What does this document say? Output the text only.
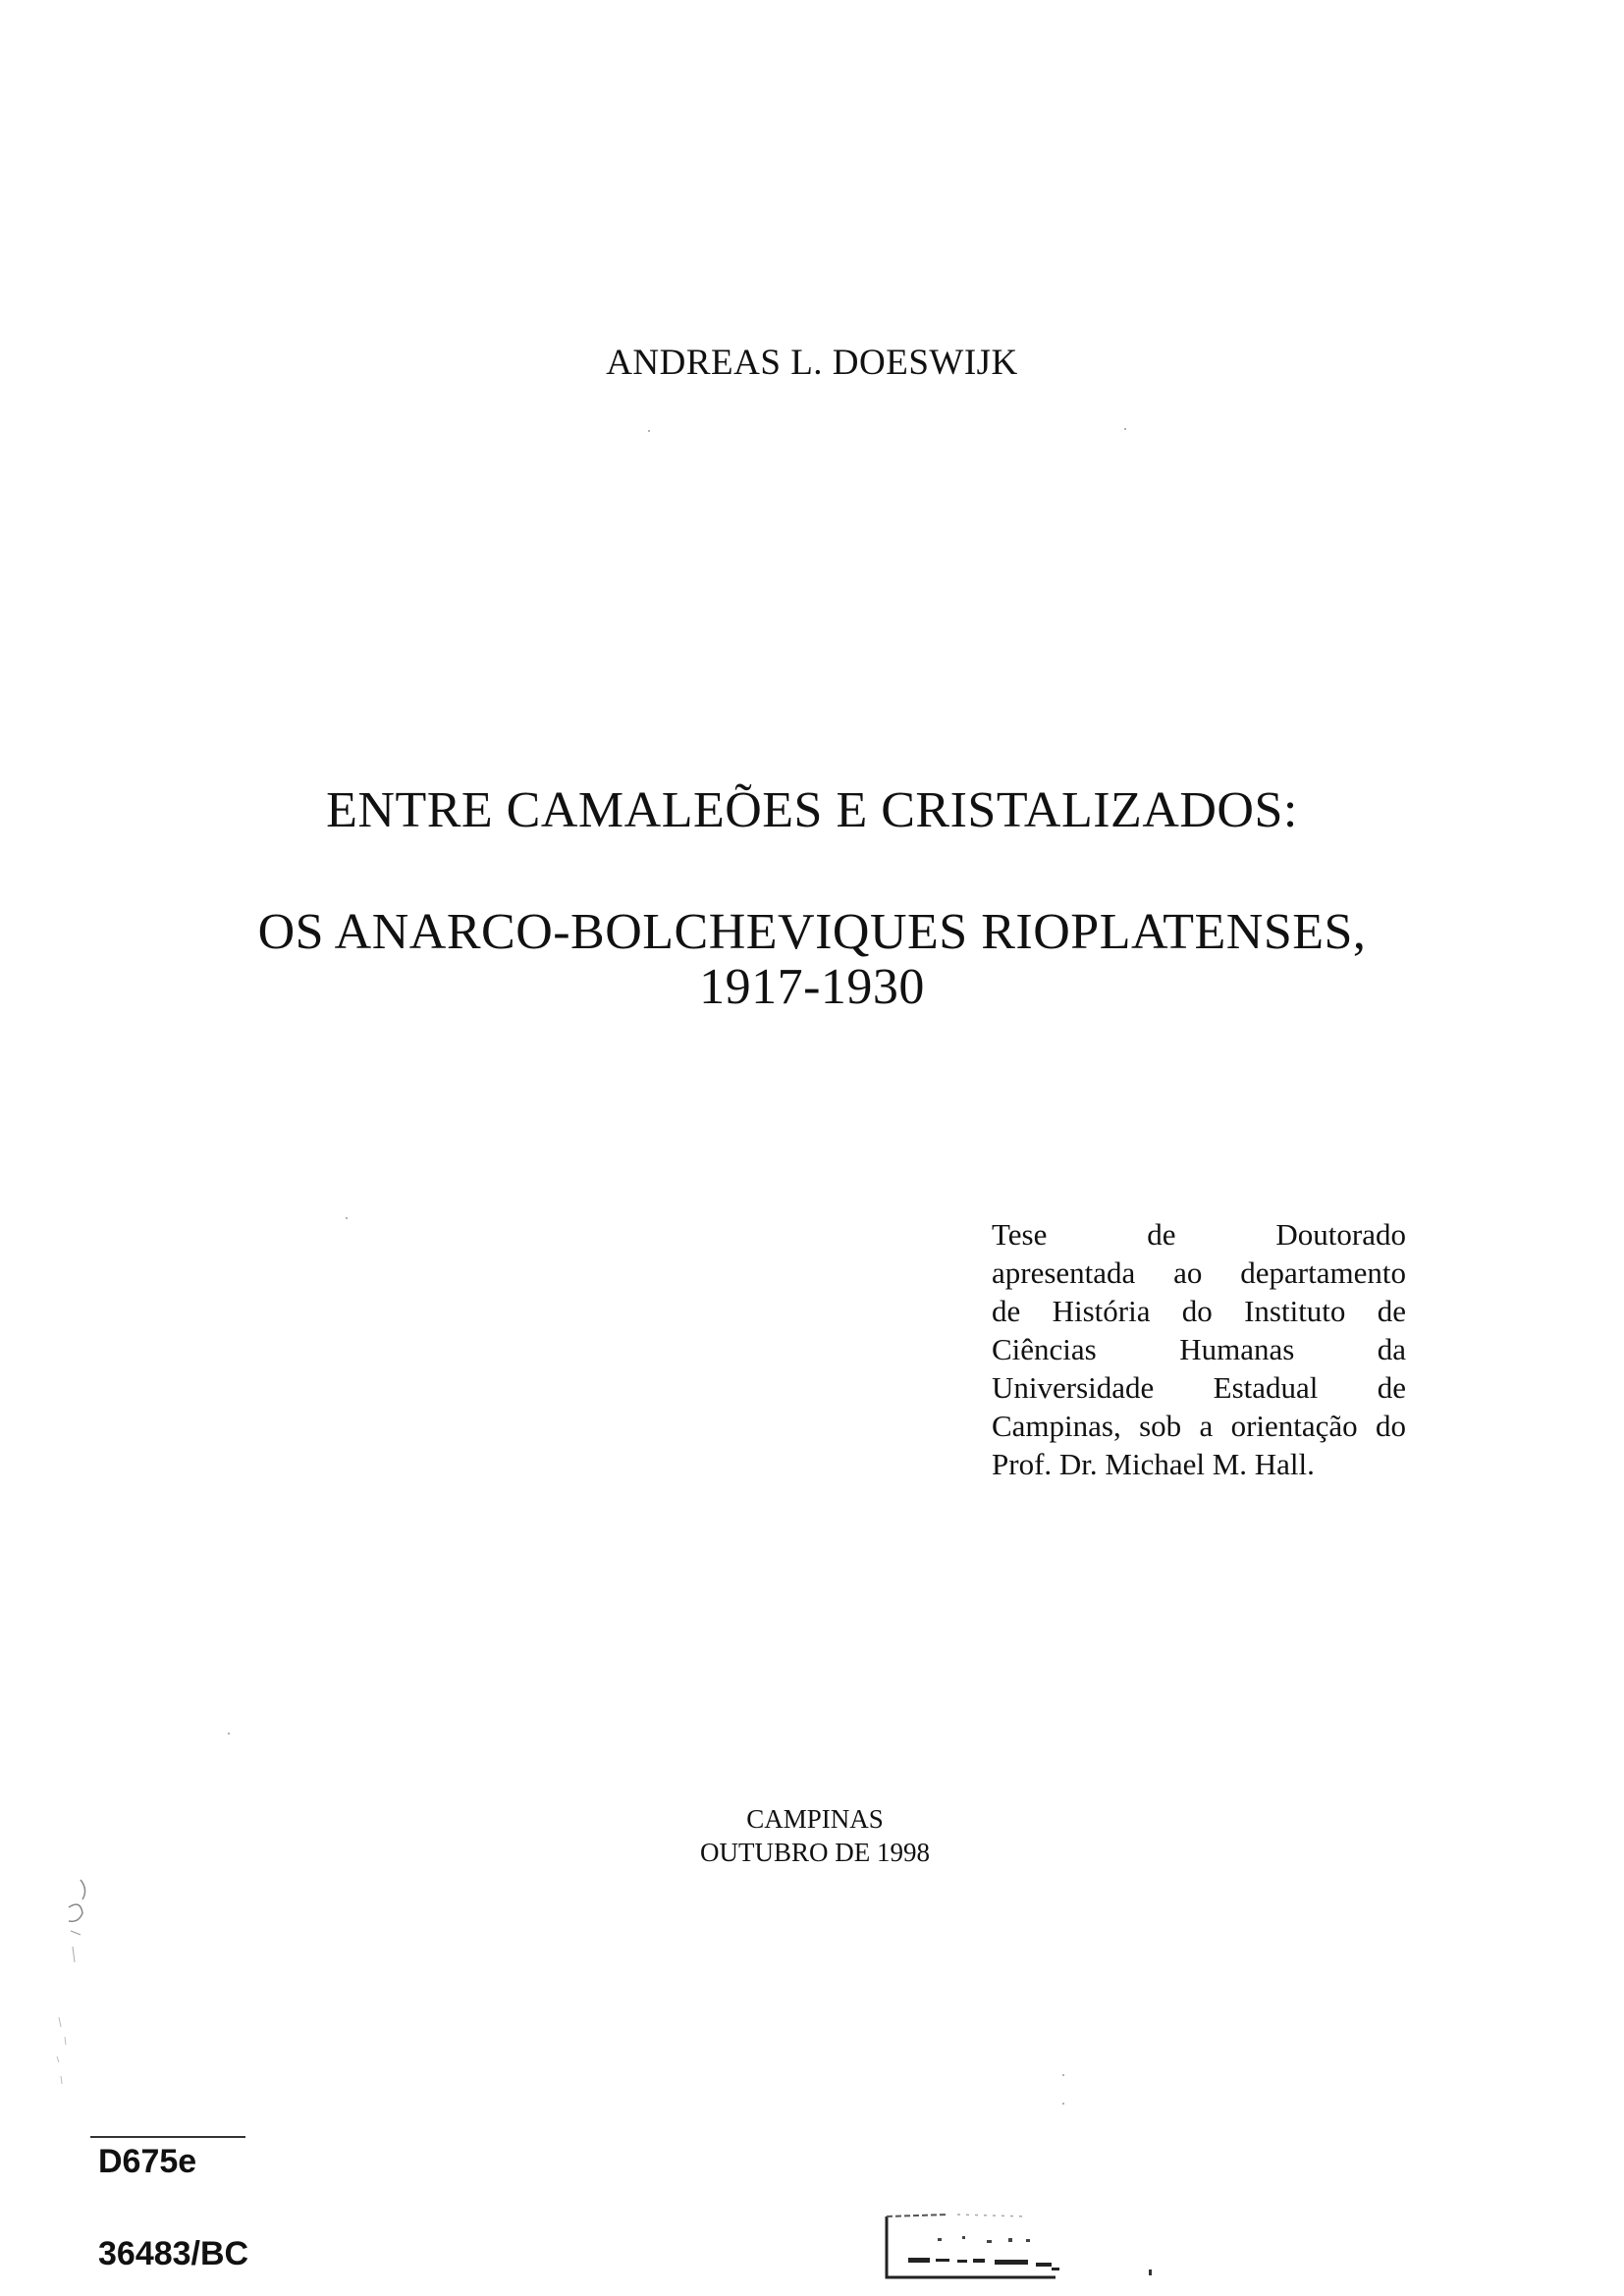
ANDREAS L. DOESWIJK
ENTRE CAMALEÕES E CRISTALIZADOS:
OS ANARCO-BOLCHEVIQUES RIOPLATENSES,
1917-1930
Tese de Doutorado
apresentada ao departamento
de História do Instituto de
Ciências Humanas da
Universidade Estadual de
Campinas, sob a orientação do
Prof. Dr. Michael M. Hall.
CAMPINAS
OUTUBRO DE 1998
D675e
36483/BC
